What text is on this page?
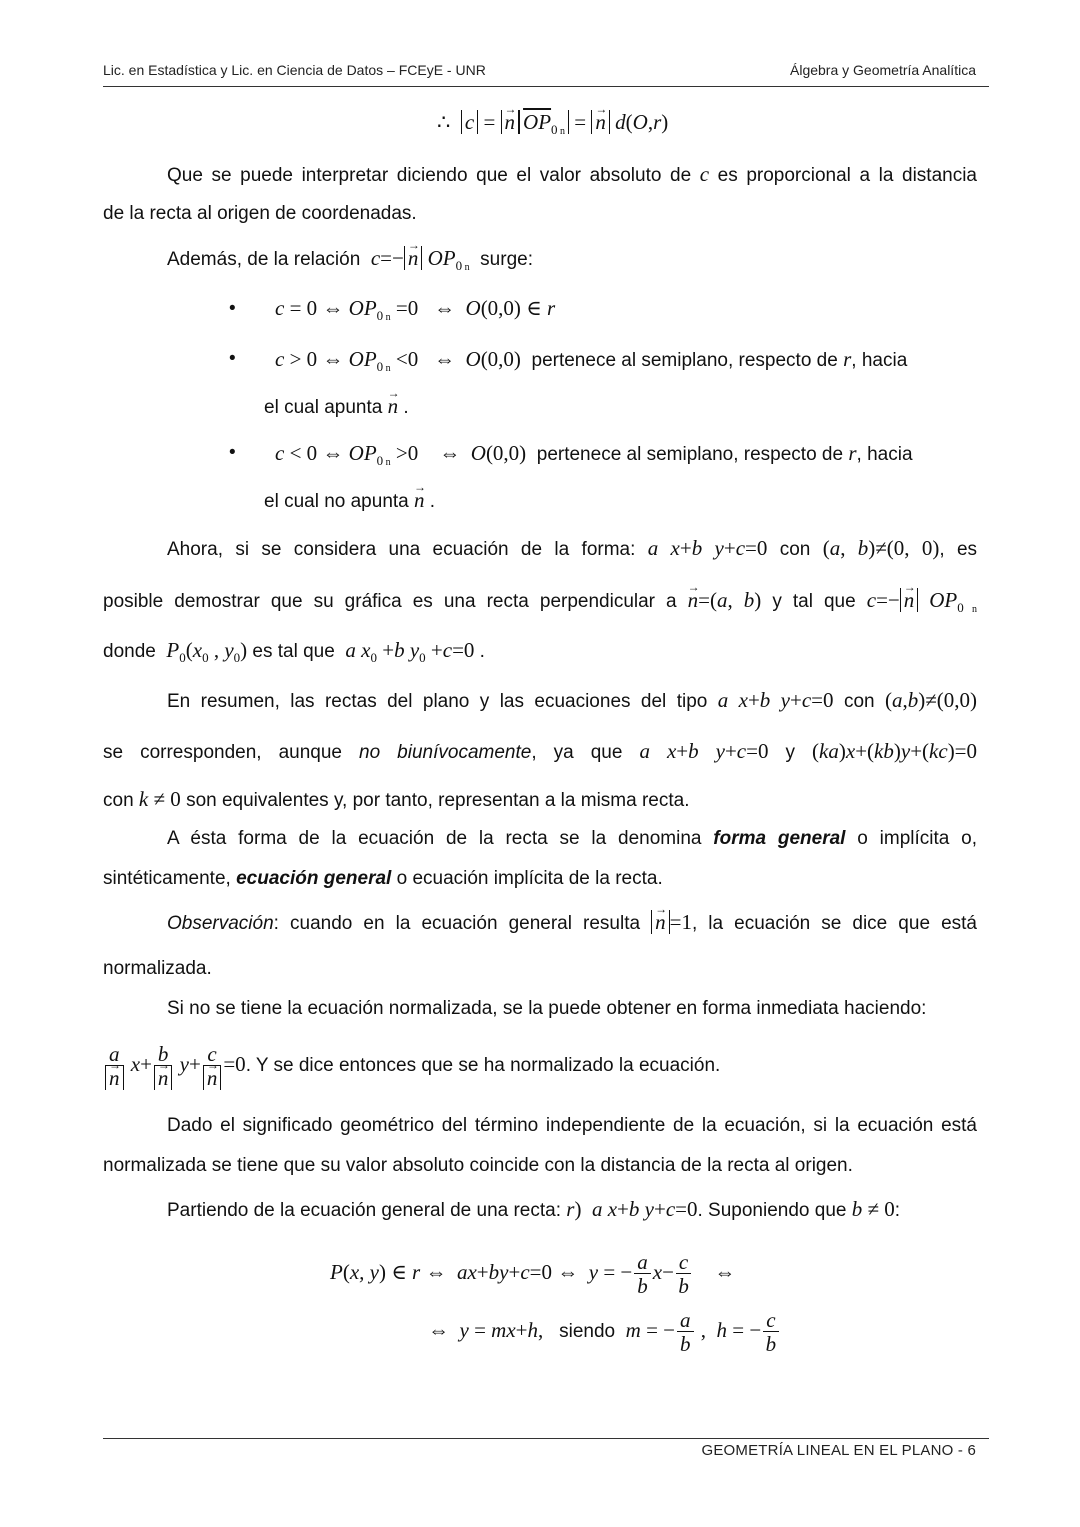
Lic. en Estadística y Lic. en Ciencia de Datos – FCEyE - UNR	Álgebra y Geometría Analítica
∴  c = → n $\overline{OP}_0$ $_n$ = → n d(O,r)
Que se puede interpretar diciendo que el valor absoluto de c es proporcional a la distancia
de la recta al origen de coordenadas.
Además, de la relación c=− → n $OP_0$ $_n$ surge:
• c = 0 ⇔ $OP_0$ $_n$ =0   ⇔  O(0,0) ∈ r
• c > 0 ⇔ $OP_0$ $_n$ <0   ⇔  O(0,0) pertenece al semiplano, respecto de r, hacia
el cual apunta → n .
• c < 0 ⇔ $OP_0$ $_n$ >0    ⇔  O(0,0) pertenece al semiplano, respecto de r, hacia
el cual no apunta → n .
Ahora, si se considera una ecuación de la forma: a x+b y+c=0 con (a, b)≠(0, 0), es
posible demostrar que su gráfica es una recta perpendicular a → n=(a, b) y tal que c=− → n $OP_0$ $_n$
donde $P_0(x_0$ , $y_0$) es tal que a $x_0 +b$ $y_0 +c=0$ .
En resumen, las rectas del plano y las ecuaciones del tipo a x+b y+c=0 con (a,b)≠(0,0)
se corresponden, aunque no biunívocamente, ya que a x+b y+c=0 y (ka)x+(kb)y+(kc)=0
con k ≠ 0 son equivalentes y, por tanto, representan a la misma recta.
A ésta forma de la ecuación de la recta se la denomina forma general o implícita o,
sintéticamente, ecuación general o ecuación implícita de la recta.
Observación: cuando en la ecuación general resulta → n =1, la ecuación se dice que está
normalizada.
Si no se tiene la ecuación normalizada, se la puede obtener en forma inmediata haciendo:
a
→ n x+ b
→ n y+ c
→ n =0. Y se dice entonces que se ha normalizado la ecuación.
Dado el significado geométrico del término independiente de la ecuación, si la ecuación está
normalizada se tiene que su valor absoluto coincide con la distancia de la recta al origen.
Partiendo de la ecuación general de una recta: r)  a x+b y+c=0. Suponiendo que b ≠ 0:
P(x, y) ∈ r ⇔  ax+by+c=0 ⇔  y = − $\frac{a}{b} x- \frac{c}{b}$ ⇔
⇔  y = mx+h, siendo m = − $\frac{a}{b}$ ,  h = − $\frac{c}{b}$
GEOMETRÍA LINEAL EN EL PLANO - 6
